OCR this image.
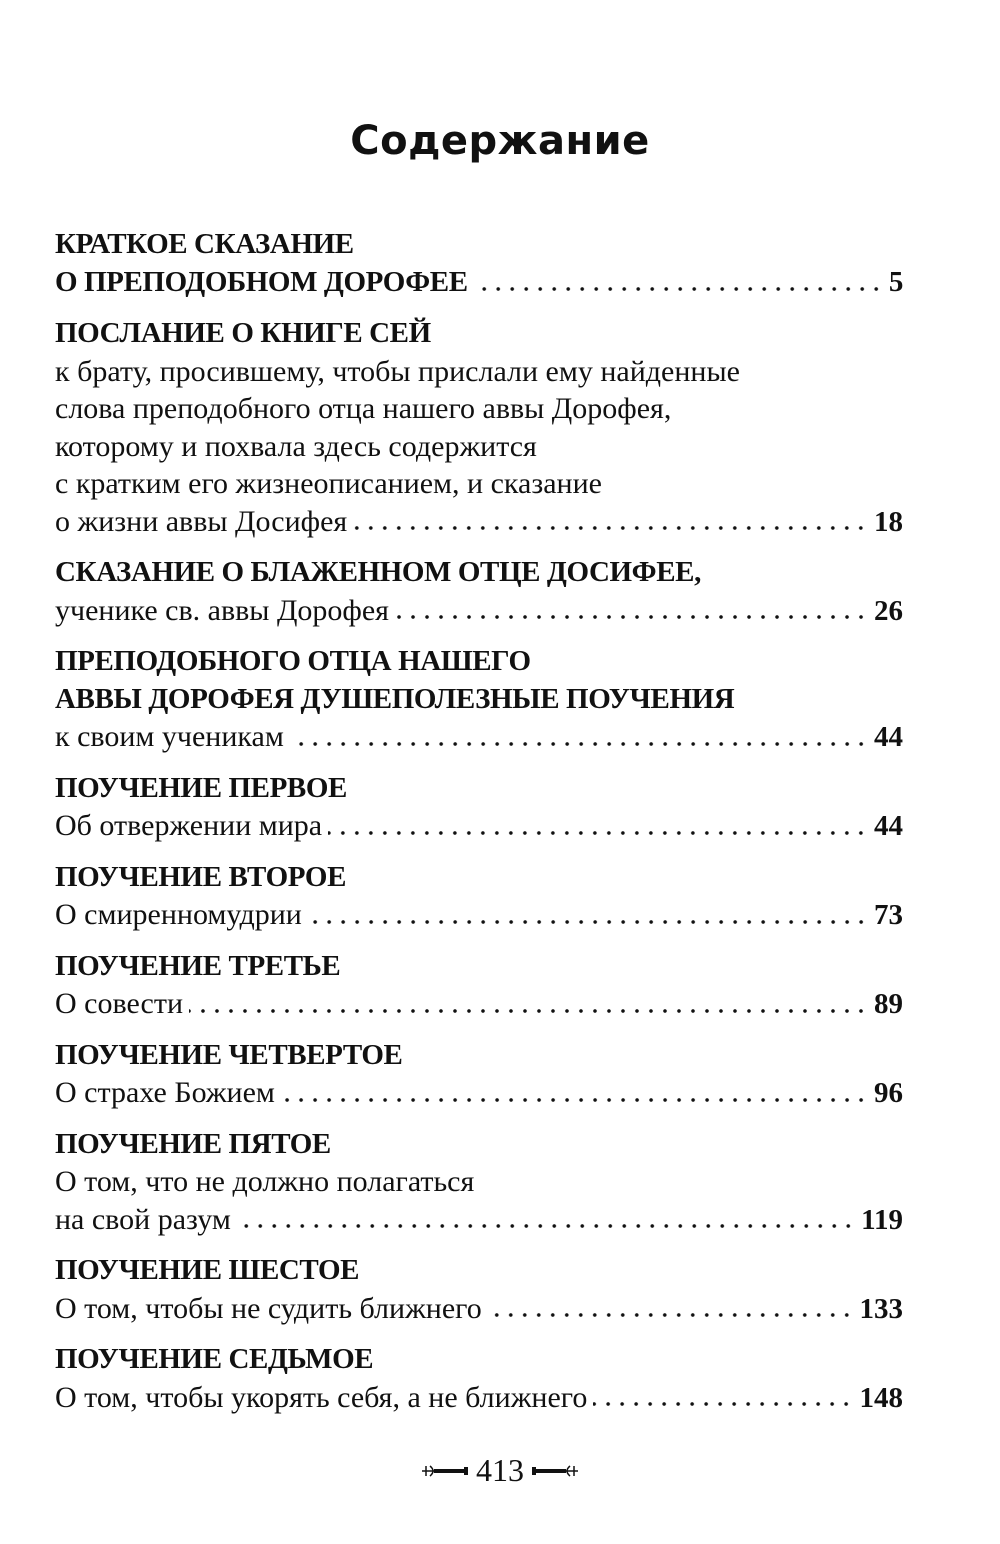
Содержание
КРАТКОЕ СКАЗАНИЕ
О ПРЕПОДОБНОМ ДОРОФЕЕ	5
ПОСЛАНИЕ О КНИГЕ СЕЙ
к брату, просившему, чтобы прислали ему найденные
слова преподобного отца нашего аввы Дорофея,
которому и похвала здесь содержится
с кратким его жизнеописанием, и сказание
о жизни аввы Досифея	18
СКАЗАНИЕ О БЛАЖЕННОМ ОТЦЕ ДОСИФЕЕ,
ученике св. аввы Дорофея	26
ПРЕПОДОБНОГО ОТЦА НАШЕГО
АВВЫ ДОРОФЕЯ ДУШЕПОЛЕЗНЫЕ ПОУЧЕНИЯ
к своим ученикам	44
ПОУЧЕНИЕ ПЕРВОЕ
Об отвержении мира	44
ПОУЧЕНИЕ ВТОРОЕ
О смиренномудрии	73
ПОУЧЕНИЕ ТРЕТЬЕ
О совести	89
ПОУЧЕНИЕ ЧЕТВЕРТОЕ
О страхе Божием	96
ПОУЧЕНИЕ ПЯТОЕ
О том, что не должно полагаться
на свой разум	119
ПОУЧЕНИЕ ШЕСТОЕ
О том, чтобы не судить ближнего	133
ПОУЧЕНИЕ СЕДЬМОЕ
О том, чтобы укорять себя, а не ближнего	148
413
